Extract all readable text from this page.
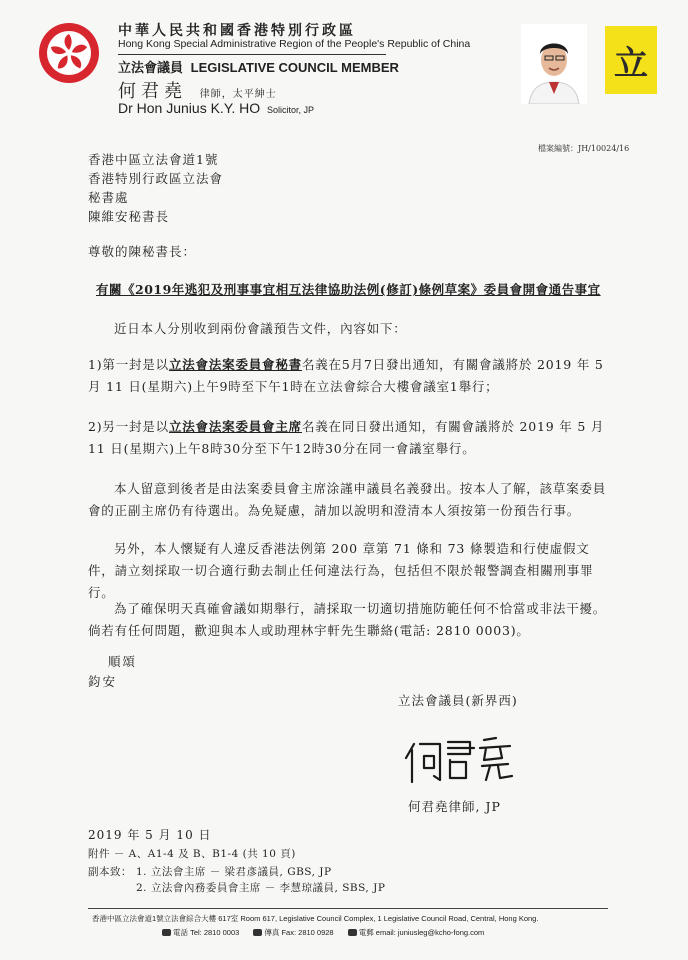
中華人民共和國香港特別行政區
Hong Kong Special Administrative Region of the People's Republic of China
立法會議員 LEGISLATIVE COUNCIL MEMBER
何君堯 律師，太平紳士
Dr Hon Junius K.Y. HO Solicitor, JP
立
檔案編號：JH/10024/16
香港中區立法會道1號
香港特別行政區立法會
秘書處
陳維安秘書長
尊敬的陳秘書長：
有關《2019年逃犯及刑事事宜相互法律協助法例(修訂)條例草案》委員會開會通告事宜
近日本人分別收到兩份會議預告文件，內容如下：
1)第一封是以立法會法案委員會秘書名義在5月7日發出通知，有關會議將於 2019 年 5 月 11 日(星期六)上午9時至下午1時在立法會綜合大樓會議室1舉行；
2)另一封是以立法會法案委員會主席名義在同日發出通知，有關會議將於 2019 年 5 月 11 日(星期六)上午8時30分至下午12時30分在同一會議室舉行。
本人留意到後者是由法案委員會主席涂謹申議員名義發出。按本人了解，該草案委員會的正副主席仍有待選出。為免疑慮，請加以說明和澄清本人須按第一份預告行事。
另外，本人懷疑有人違反香港法例第 200 章第 71 條和 73 條製造和行使虛假文件，請立刻採取一切合適行動去制止任何違法行為，包括但不限於報警調查相關刑事罪行。
為了確保明天真確會議如期舉行，請採取一切適切措施防範任何不恰當或非法干擾。倘若有任何問題，歡迎與本人或助理林宇軒先生聯絡(電話: 2810 0003)。
順頌
鈞安
立法會議員(新界西)
何君堯律師, JP
2019 年 5 月 10 日
附件 － A、A1-4 及 B、B1-4 (共 10 頁)
副本致： 1. 立法會主席 － 梁君彥議員, GBS, JP
2. 立法會內務委員會主席 － 李慧琼議員, SBS, JP
香港中區立法會道1號立法會綜合大樓 617室 Room 617, Legislative Council Complex, 1 Legislative Council Road, Central, Hong Kong.
電話 Tel: 2810 0003	傳真 Fax: 2810 0928	電郵 email: juniusleg@kcho-fong.com
